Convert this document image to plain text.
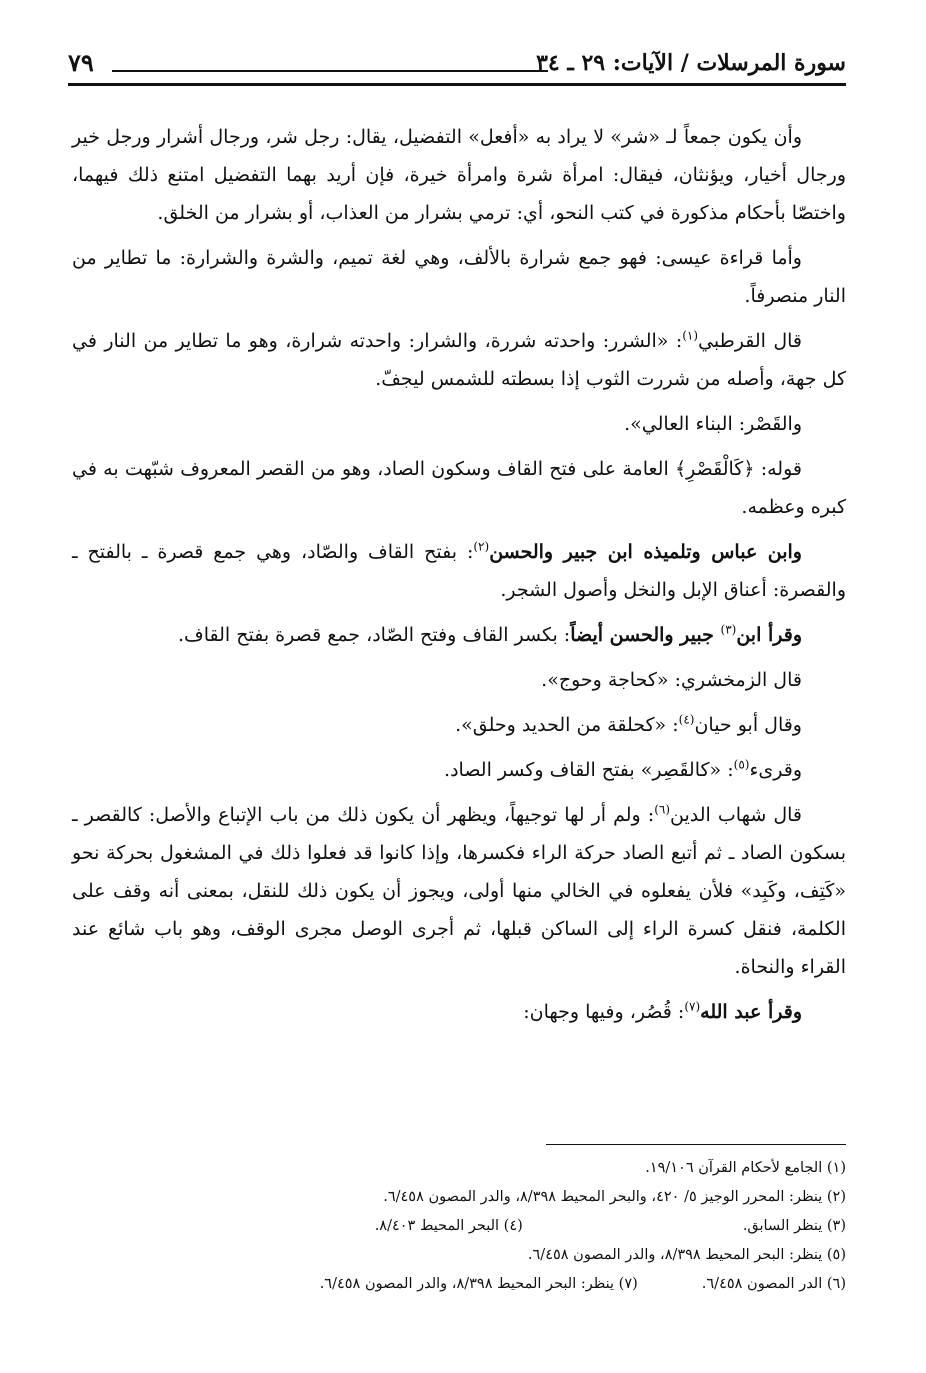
سورة المرسلات / الآيات: ٢٩ ـ ٣٤
٧٩

وأن يكون جمعاً لـ «شر» لا يراد به «أفعل» التفضيل، يقال: رجل شر، ورجال أشرار ورجل خير ورجال أخيار، ويؤنثان، فيقال: امرأة شرة وامرأة خيرة، فإن أريد بهما التفضيل امتنع ذلك فيهما، واختصّا بأحكام مذكورة في كتب النحو، أي: ترمي بشرار من العذاب، أو بشرار من الخلق.

وأما قراءة عيسى: فهو جمع شرارة بالألف، وهي لغة تميم، والشرة والشرارة: ما تطاير من النار منصرفاً.

قال القرطبي$^{(١)}$: «الشرر: واحدته شررة، والشرار: واحدته شرارة، وهو ما تطاير من النار في كل جهة، وأصله من شررت الثوب إذا بسطته للشمس ليجفّ.

والقَصْر: البناء العالي».

قوله: ﴿كَالْقَصْرِ﴾ العامة على فتح القاف وسكون الصاد، وهو من القصر المعروف شبّهت به في كبره وعظمه.

وابن عباس وتلميذه ابن جبير والحسن$^{(٢)}$: بفتح القاف والصّاد، وهي جمع قصرة ـ بالفتح ـ والقصرة: أعناق الإبل والنخل وأصول الشجر.

وقرأ ابن$^{(٣)}$ جبير والحسن أيضاً: بكسر القاف وفتح الصّاد، جمع قصرة بفتح القاف.

قال الزمخشري: «كحاجة وحوج».

وقال أبو حيان$^{(٤)}$: «كحلقة من الحديد وحلق».

وقرىء$^{(٥)}$: «كالقَصِر» بفتح القاف وكسر الصاد.

قال شهاب الدين$^{(٦)}$: ولم أر لها توجيهاً، ويظهر أن يكون ذلك من باب الإتباع والأصل: كالقصر ـ بسكون الصاد ـ ثم أتبع الصاد حركة الراء فكسرها، وإذا كانوا قد فعلوا ذلك في المشغول بحركة نحو «كَتِف، وكَبِد» فلأن يفعلوه في الخالي منها أولى، ويجوز أن يكون ذلك للنقل، بمعنى أنه وقف على الكلمة، فنقل كسرة الراء إلى الساكن قبلها، ثم أجرى الوصل مجرى الوقف، وهو باب شائع عند القراء والنحاة.

وقرأ عبد الله$^{(٧)}$: قُصُر، وفيها وجهان:

(١) الجامع لأحكام القرآن ١٩/١٠٦.
(٢) ينظر: المحرر الوجيز ٥/ ٤٢٠، والبحر المحيط ٨/٣٩٨، والدر المصون ٦/٤٥٨.
(٣) ينظر السابق.
(٤) البحر المحيط ٨/٤٠٣.
(٥) ينظر: البحر المحيط ٨/٣٩٨، والدر المصون ٦/٤٥٨.
(٦) الدر المصون ٦/٤٥٨.
(٧) ينظر: البحر المحيط ٨/٣٩٨، والدر المصون ٦/٤٥٨.
